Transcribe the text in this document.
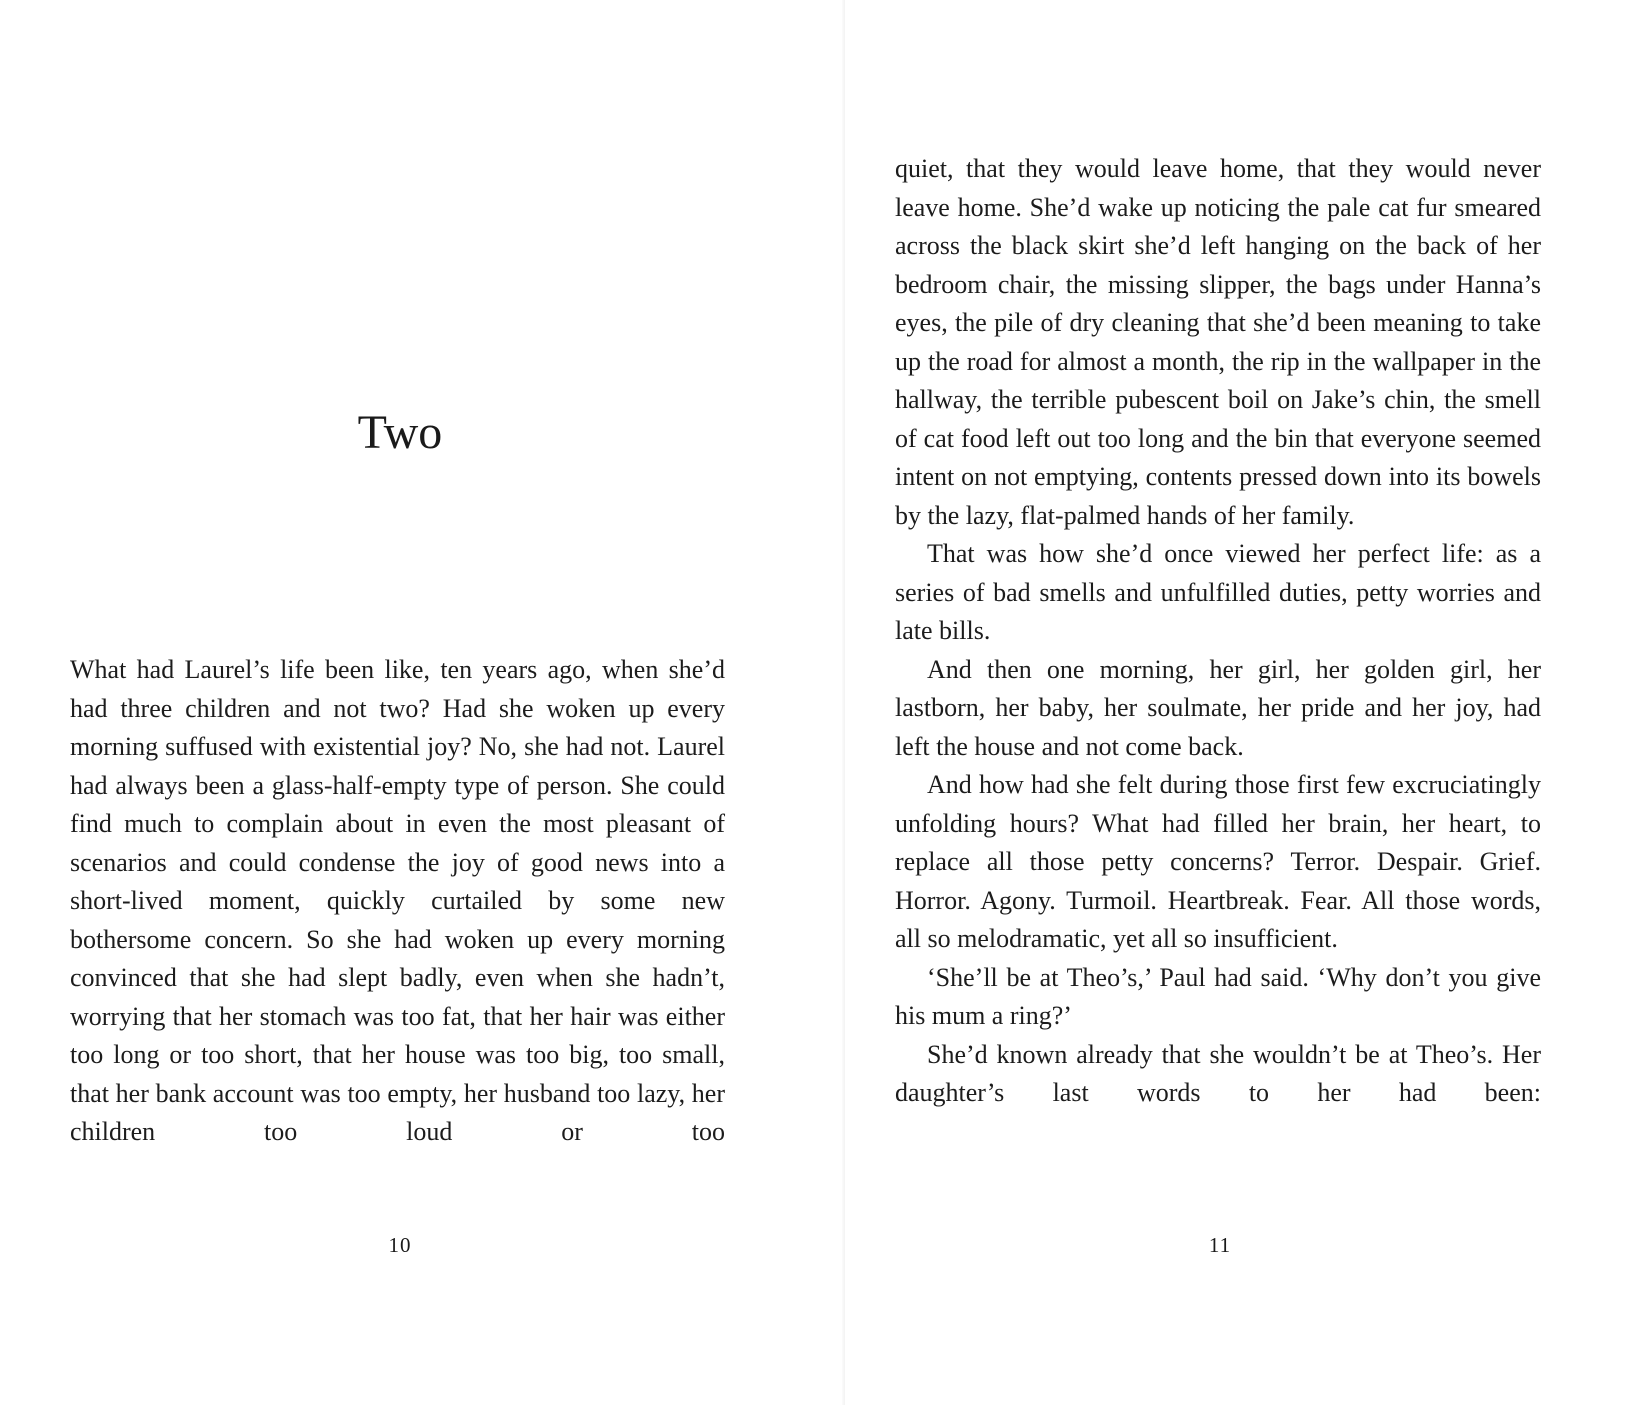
Two

What had Laurel’s life been like, ten years ago, when she’d had three children and not two? Had she woken up every morning suffused with existential joy? No, she had not. Laurel had always been a glass-half-empty type of person. She could find much to complain about in even the most pleasant of scenarios and could condense the joy of good news into a short-lived moment, quickly curtailed by some new bothersome concern. So she had woken up every morning convinced that she had slept badly, even when she hadn’t, worrying that her stomach was too fat, that her hair was either too long or too short, that her house was too big, too small, that her bank account was too empty, her husband too lazy, her children too loud or too

10

quiet, that they would leave home, that they would never leave home. She’d wake up noticing the pale cat fur smeared across the black skirt she’d left hanging on the back of her bedroom chair, the missing slipper, the bags under Hanna’s eyes, the pile of dry cleaning that she’d been meaning to take up the road for almost a month, the rip in the wallpaper in the hallway, the terrible pubescent boil on Jake’s chin, the smell of cat food left out too long and the bin that everyone seemed intent on not emptying, contents pressed down into its bowels by the lazy, flat-palmed hands of her family.

That was how she’d once viewed her perfect life: as a series of bad smells and unfulfilled duties, petty worries and late bills.

And then one morning, her girl, her golden girl, her lastborn, her baby, her soulmate, her pride and her joy, had left the house and not come back.

And how had she felt during those first few excruciatingly unfolding hours? What had filled her brain, her heart, to replace all those petty concerns? Terror. Despair. Grief. Horror. Agony. Turmoil. Heartbreak. Fear. All those words, all so melodramatic, yet all so insufficient.

‘She’ll be at Theo’s,’ Paul had said. ‘Why don’t you give his mum a ring?’

She’d known already that she wouldn’t be at Theo’s. Her daughter’s last words to her had been:

11
